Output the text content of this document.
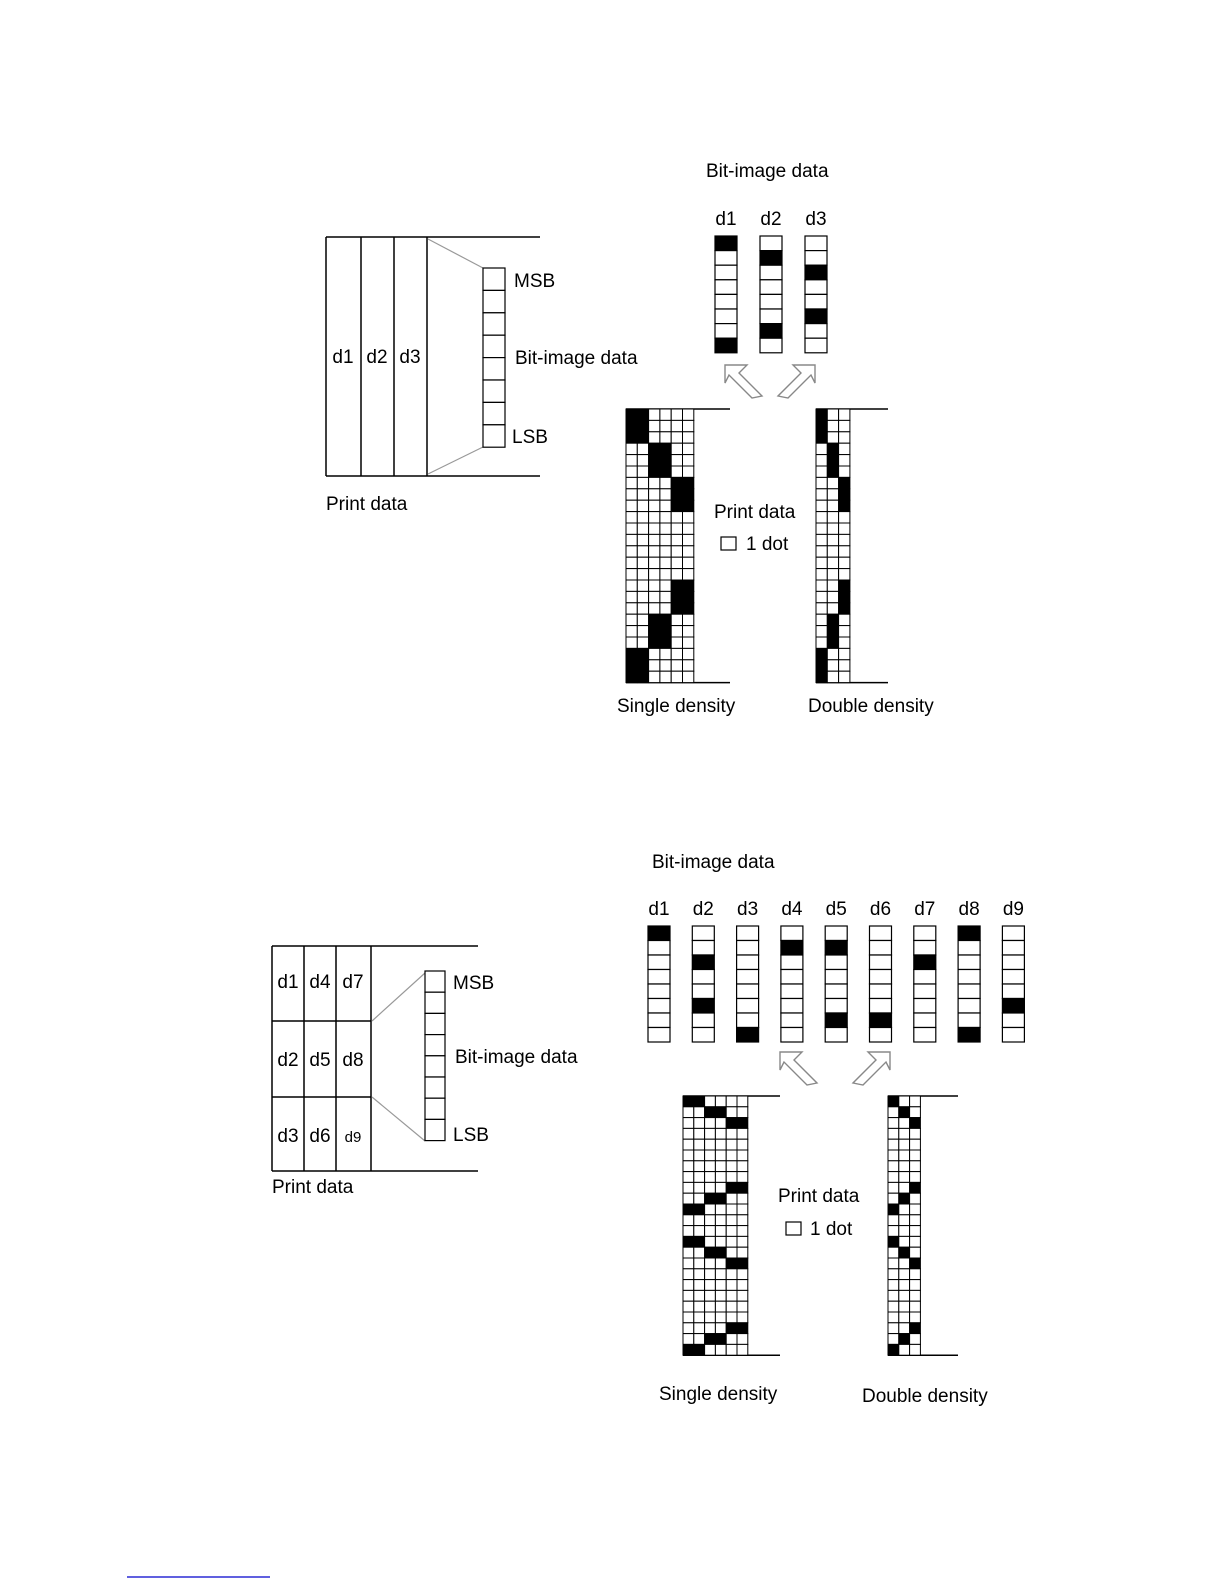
d1 d2 d3
MSB
Bit-image data
LSB
Print data
Bit-image data
d1 d2 d3
Print data
1 dot
Single density	Double density
d1 d4 d7
d2 d5 d8
d3 d6 d9
MSB
Bit-image data
LSB
Print data
Bit-image data
d1 d2 d3 d4 d5 d6 d7 d8 d9
Print data
1 dot
Single density	Double density
